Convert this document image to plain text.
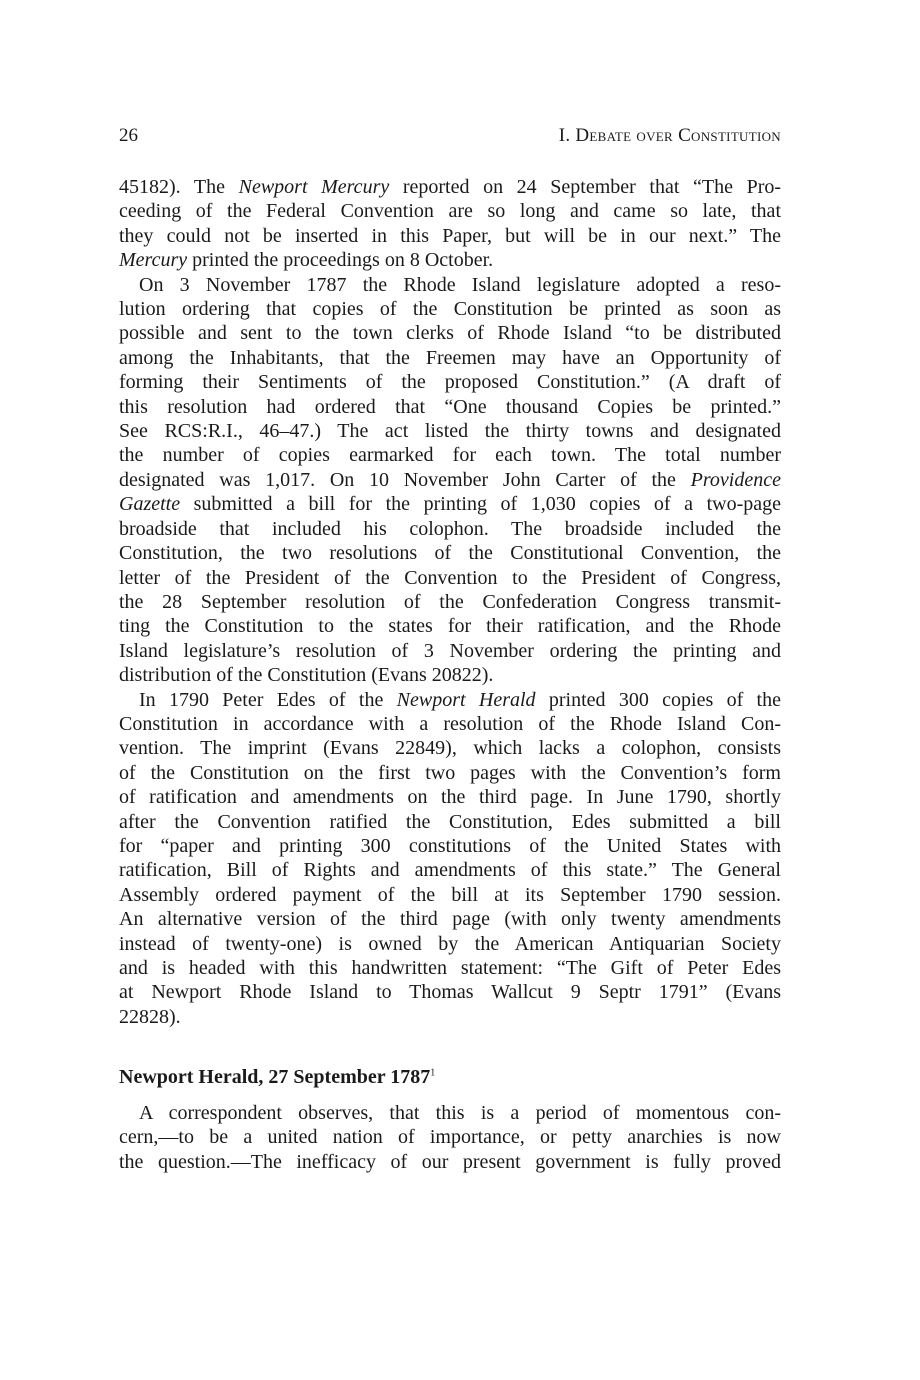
26	I. Debate over Constitution
45182). The Newport Mercury reported on 24 September that “The Pro-
ceeding of the Federal Convention are so long and came so late, that
they could not be inserted in this Paper, but will be in our next.” The
Mercury printed the proceedings on 8 October.
On 3 November 1787 the Rhode Island legislature adopted a reso-
lution ordering that copies of the Constitution be printed as soon as
possible and sent to the town clerks of Rhode Island “to be distributed
among the Inhabitants, that the Freemen may have an Opportunity of
forming their Sentiments of the proposed Constitution.” (A draft of
this resolution had ordered that “One thousand Copies be printed.”
See RCS:R.I., 46–47.) The act listed the thirty towns and designated
the number of copies earmarked for each town. The total number
designated was 1,017. On 10 November John Carter of the Providence
Gazette submitted a bill for the printing of 1,030 copies of a two-page
broadside that included his colophon. The broadside included the
Constitution, the two resolutions of the Constitutional Convention, the
letter of the President of the Convention to the President of Congress,
the 28 September resolution of the Confederation Congress transmit-
ting the Constitution to the states for their ratification, and the Rhode
Island legislature’s resolution of 3 November ordering the printing and
distribution of the Constitution (Evans 20822).
In 1790 Peter Edes of the Newport Herald printed 300 copies of the
Constitution in accordance with a resolution of the Rhode Island Con-
vention. The imprint (Evans 22849), which lacks a colophon, consists
of the Constitution on the first two pages with the Convention’s form
of ratification and amendments on the third page. In June 1790, shortly
after the Convention ratified the Constitution, Edes submitted a bill
for “paper and printing 300 constitutions of the United States with
ratification, Bill of Rights and amendments of this state.” The General
Assembly ordered payment of the bill at its September 1790 session.
An alternative version of the third page (with only twenty amendments
instead of twenty-one) is owned by the American Antiquarian Society
and is headed with this handwritten statement: “The Gift of Peter Edes
at Newport Rhode Island to Thomas Wallcut 9 Septr 1791” (Evans
22828).
Newport Herald, 27 September 1787$^1$
A correspondent observes, that this is a period of momentous con-
cern,—to be a united nation of importance, or petty anarchies is now
the question.—The inefficacy of our present government is fully proved
